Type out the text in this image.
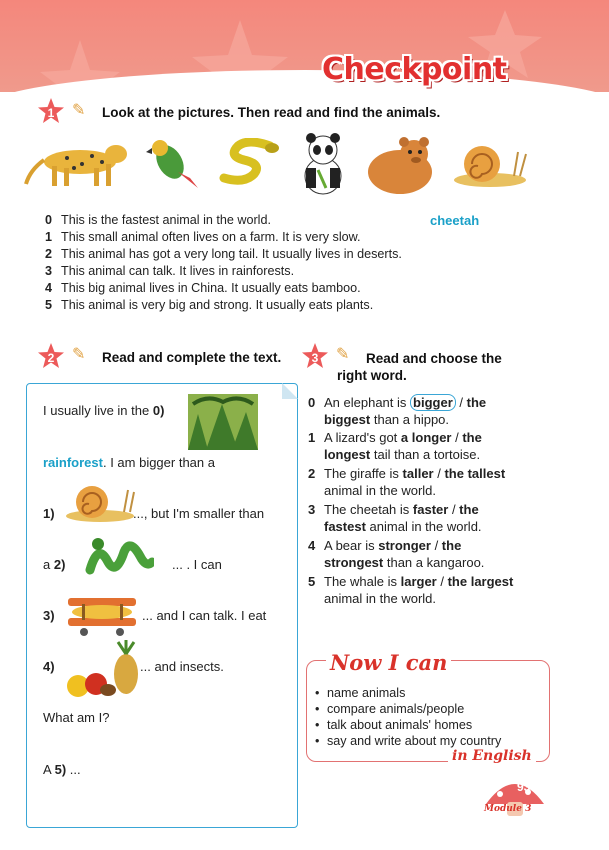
Checkpoint
1	✎ Look at the pictures. Then read and find the animals.
0 This is the fastest animal in the world.	cheetah
1 This small animal often lives on a farm. It is very slow.
2 This animal has got a very long tail. It usually lives in deserts.
3 This animal can talk. It lives in rainforests.
4 This big animal lives in China. It usually eats bamboo.
5 This animal is very big and strong. It usually eats plants.
2	✎ Read and complete the text.
I usually live in the 0)
rainforest. I am bigger than a
1)	..., but I'm smaller than
a 2)	... . I can
3)	... and I can talk. I eat
4)	... and insects.
What am I?
A 5) ...
3	✎ Read and choose the
right word.
0 An elephant is bigger / the
biggest than a hippo.
1 A lizard's got a longer / the
longest tail than a tortoise.
2 The giraffe is taller / the tallest
animal in the world.
3 The cheetah is faster / the
fastest animal in the world.
4 A bear is stronger / the
strongest than a kangaroo.
5 The whale is larger / the largest
animal in the world.
Now I can
• name animals
• compare animals/people
• talk about animals' homes
• say and write about my country
in English
93
Module 3
